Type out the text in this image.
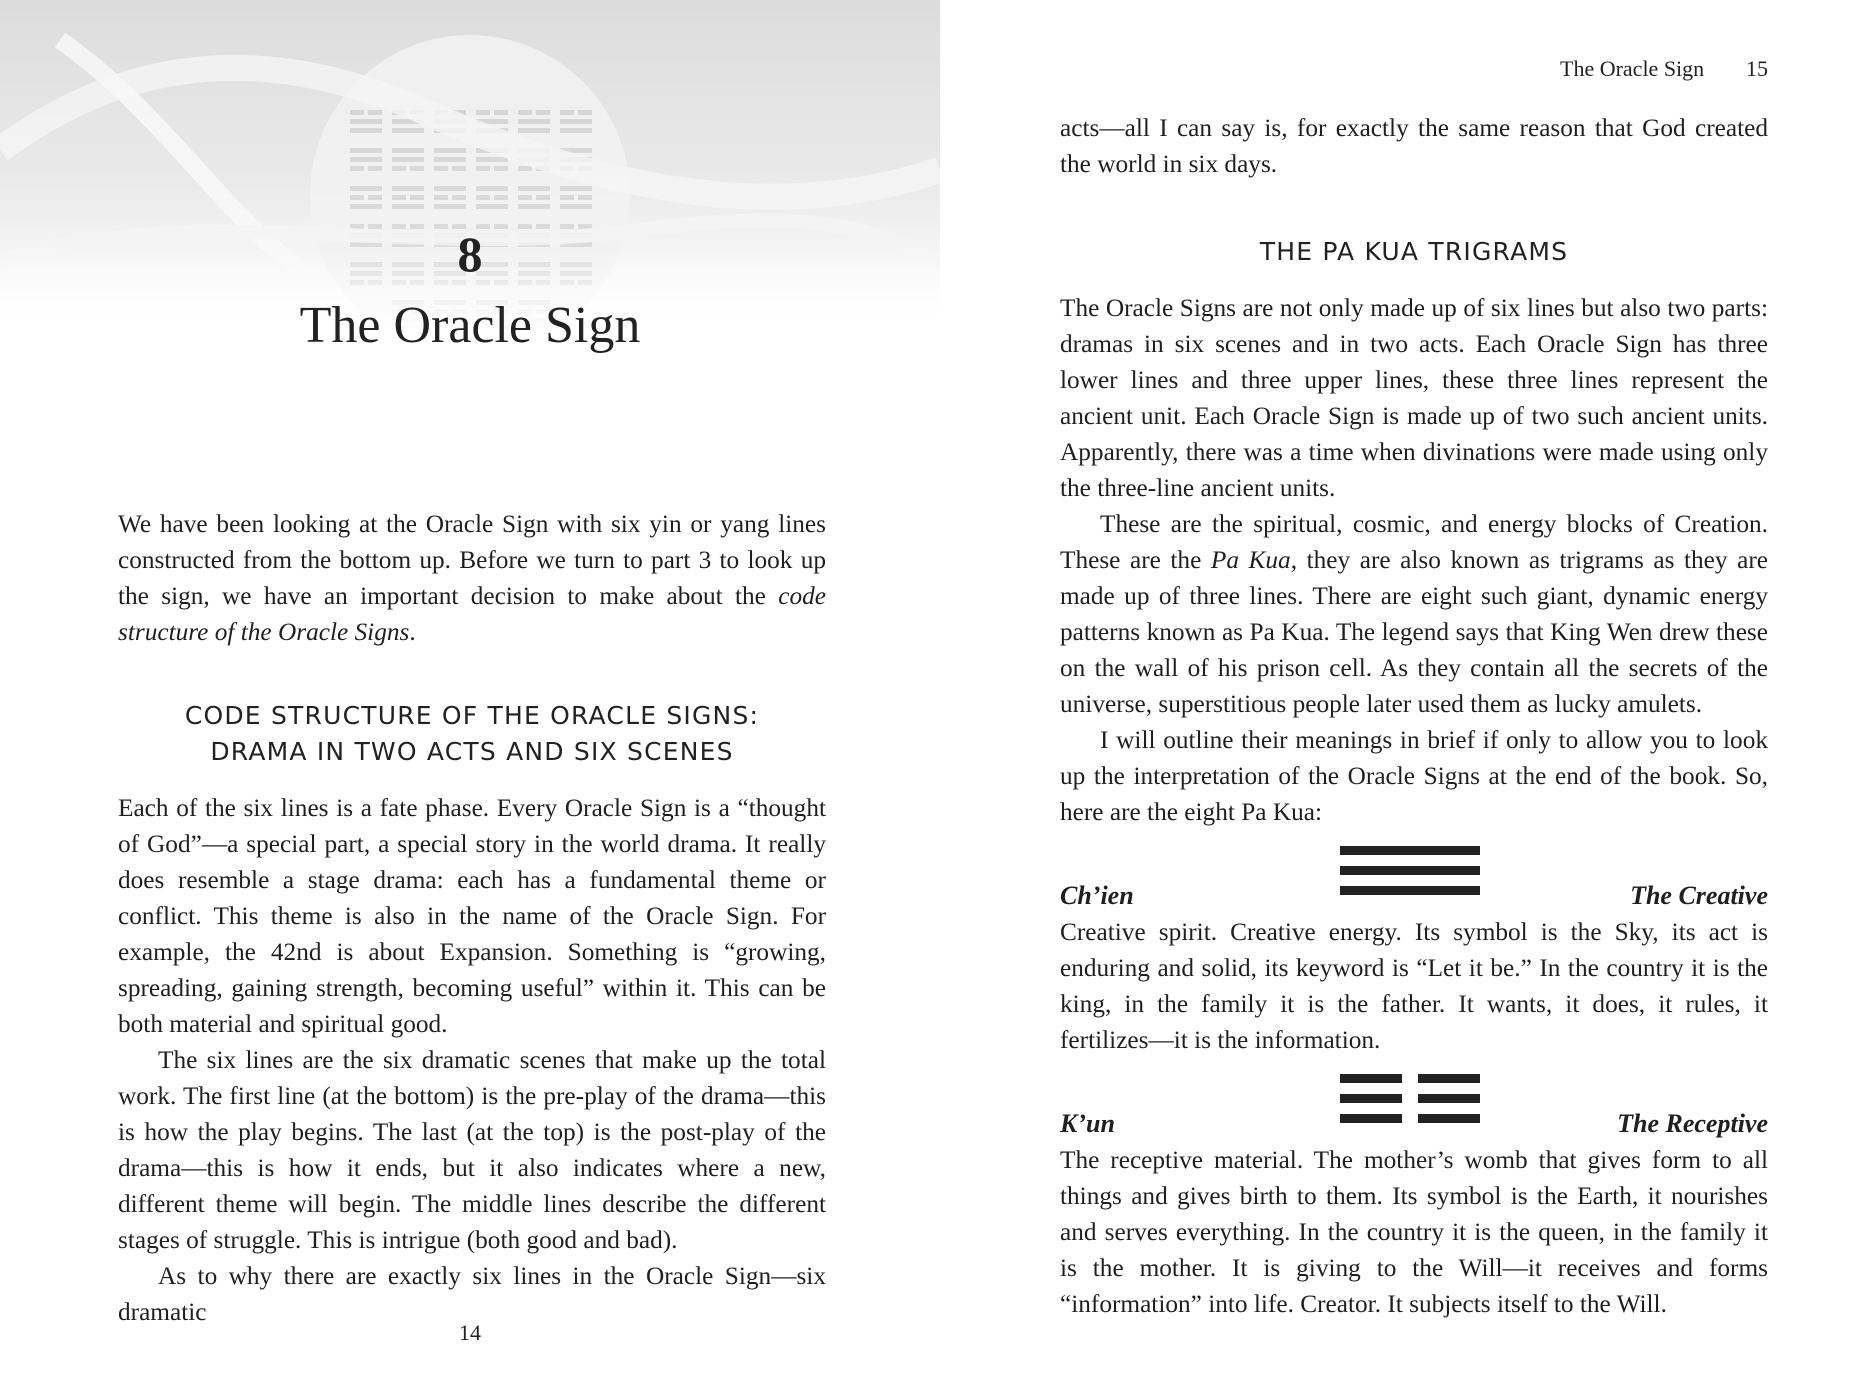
8
The Oracle Sign

We have been looking at the Oracle Sign with six yin or yang lines constructed from the bottom up. Before we turn to part 3 to look up the sign, we have an important decision to make about the code structure of the Oracle Signs.

CODE STRUCTURE OF THE ORACLE SIGNS:

DRAMA IN TWO ACTS AND SIX SCENES

Each of the six lines is a fate phase. Every Oracle Sign is a “thought of God”—a special part, a special story in the world drama. It really does resemble a stage drama: each has a fundamental theme or conflict. This theme is also in the name of the Oracle Sign. For example, the 42nd is about Expansion. Something is “growing, spreading, gaining strength, becoming useful” within it. This can be both material and spiritual good.

The six lines are the six dramatic scenes that make up the total work. The first line (at the bottom) is the pre-play of the drama—this is how the play begins. The last (at the top) is the post-play of the drama—this is how it ends, but it also indicates where a new, different theme will begin. The middle lines describe the different stages of struggle. This is intrigue (both good and bad).

As to why there are exactly six lines in the Oracle Sign—six dramatic

14
The Oracle Sign 15

acts—all I can say is, for exactly the same reason that God created the world in six days.

THE PA KUA TRIGRAMS

The Oracle Signs are not only made up of six lines but also two parts: dramas in six scenes and in two acts. Each Oracle Sign has three lower lines and three upper lines, these three lines represent the ancient unit. Each Oracle Sign is made up of two such ancient units. Apparently, there was a time when divinations were made using only the three-line ancient units.

These are the spiritual, cosmic, and energy blocks of Creation. These are the Pa Kua, they are also known as trigrams as they are made up of three lines. There are eight such giant, dynamic energy patterns known as Pa Kua. The legend says that King Wen drew these on the wall of his prison cell. As they contain all the secrets of the universe, superstitious people later used them as lucky amulets.

I will outline their meanings in brief if only to allow you to look up the interpretation of the Oracle Signs at the end of the book. So, here are the eight Pa Kua:

Ch’ien	The Creative

Creative spirit. Creative energy. Its symbol is the Sky, its act is enduring and solid, its keyword is “Let it be.” In the country it is the king, in the family it is the father. It wants, it does, it rules, it fertilizes—it is the information.

K’un	The Receptive

The receptive material. The mother’s womb that gives form to all things and gives birth to them. Its symbol is the Earth, it nourishes and serves everything. In the country it is the queen, in the family it is the mother. It is giving to the Will—it receives and forms “information” into life. Creator. It subjects itself to the Will.
